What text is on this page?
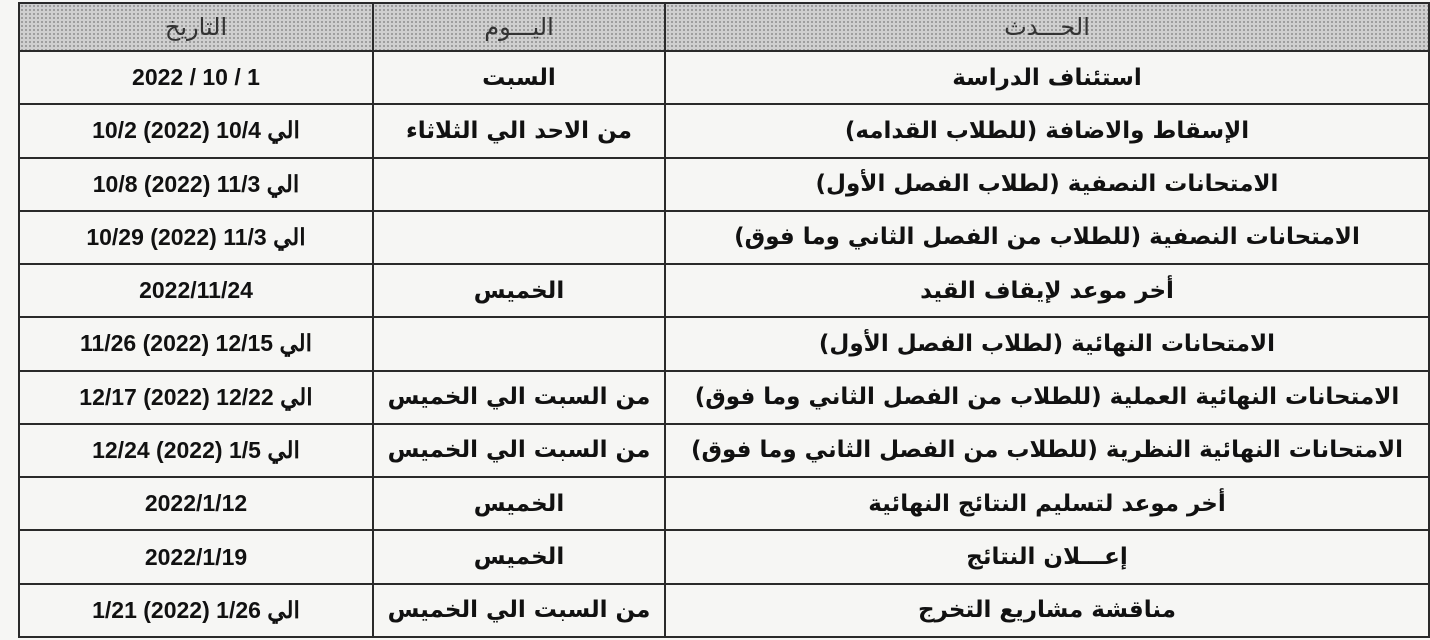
الحـــدث	اليـــوم	التاريخ
استئناف الدراسة	السبت	2022 / 10 / 1
الإسقاط والاضافة (للطلاب القدامه)	من الاحد الي الثلاثاء	10/2 الي 10/4 (2022)
الامتحانات النصفية (لطلاب الفصل الأول)		10/8 الي 11/3 (2022)
الامتحانات النصفية (للطلاب من الفصل الثاني وما فوق)		10/29 الي 11/3 (2022)
أخر موعد لإيقاف القيد	الخميس	2022/11/24
الامتحانات النهائية (لطلاب الفصل الأول)		11/26 الي 12/15 (2022)
الامتحانات النهائية العملية (للطلاب من الفصل الثاني وما فوق)	من السبت الي الخميس	12/17 الي 12/22 (2022)
الامتحانات النهائية النظرية (للطلاب من الفصل الثاني وما فوق)	من السبت الي الخميس	12/24 الي 1/5 (2022)
أخر موعد لتسليم النتائج النهائية	الخميس	2022/1/12
إعـــلان النتائج	الخميس	2022/1/19
مناقشة مشاريع التخرج	من السبت الي الخميس	1/21 الي 1/26 (2022)
